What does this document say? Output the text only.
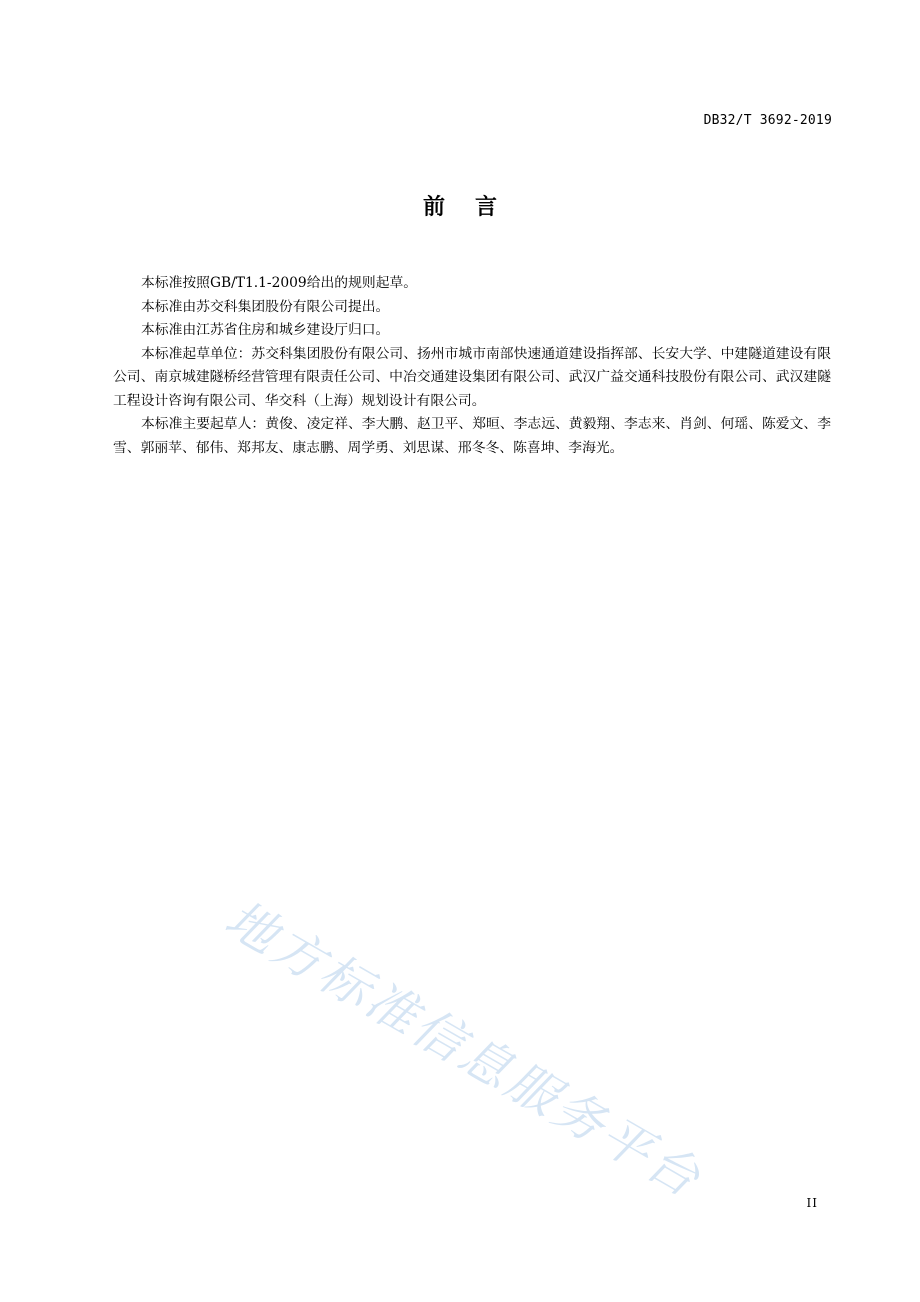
DB32/T 3692-2019
前言

本标准按照GB/T1.1-2009给出的规则起草。

本标准由苏交科集团股份有限公司提出。

本标准由江苏省住房和城乡建设厅归口。

本标准起草单位：苏交科集团股份有限公司、扬州市城市南部快速通道建设指挥部、长安大学、中建隧道建设有限公司、南京城建隧桥经营管理有限责任公司、中冶交通建设集团有限公司、武汉广益交通科技股份有限公司、武汉建隧工程设计咨询有限公司、华交科（上海）规划设计有限公司。

本标准主要起草人：黄俊、凌定祥、李大鹏、赵卫平、郑晅、李志远、黄毅翔、李志来、肖剑、何瑶、陈爱文、李雪、郭丽苹、郁伟、郑邦友、康志鹏、周学勇、刘思谋、邢冬冬、陈喜坤、李海光。

地方标准信息服务平台	II
